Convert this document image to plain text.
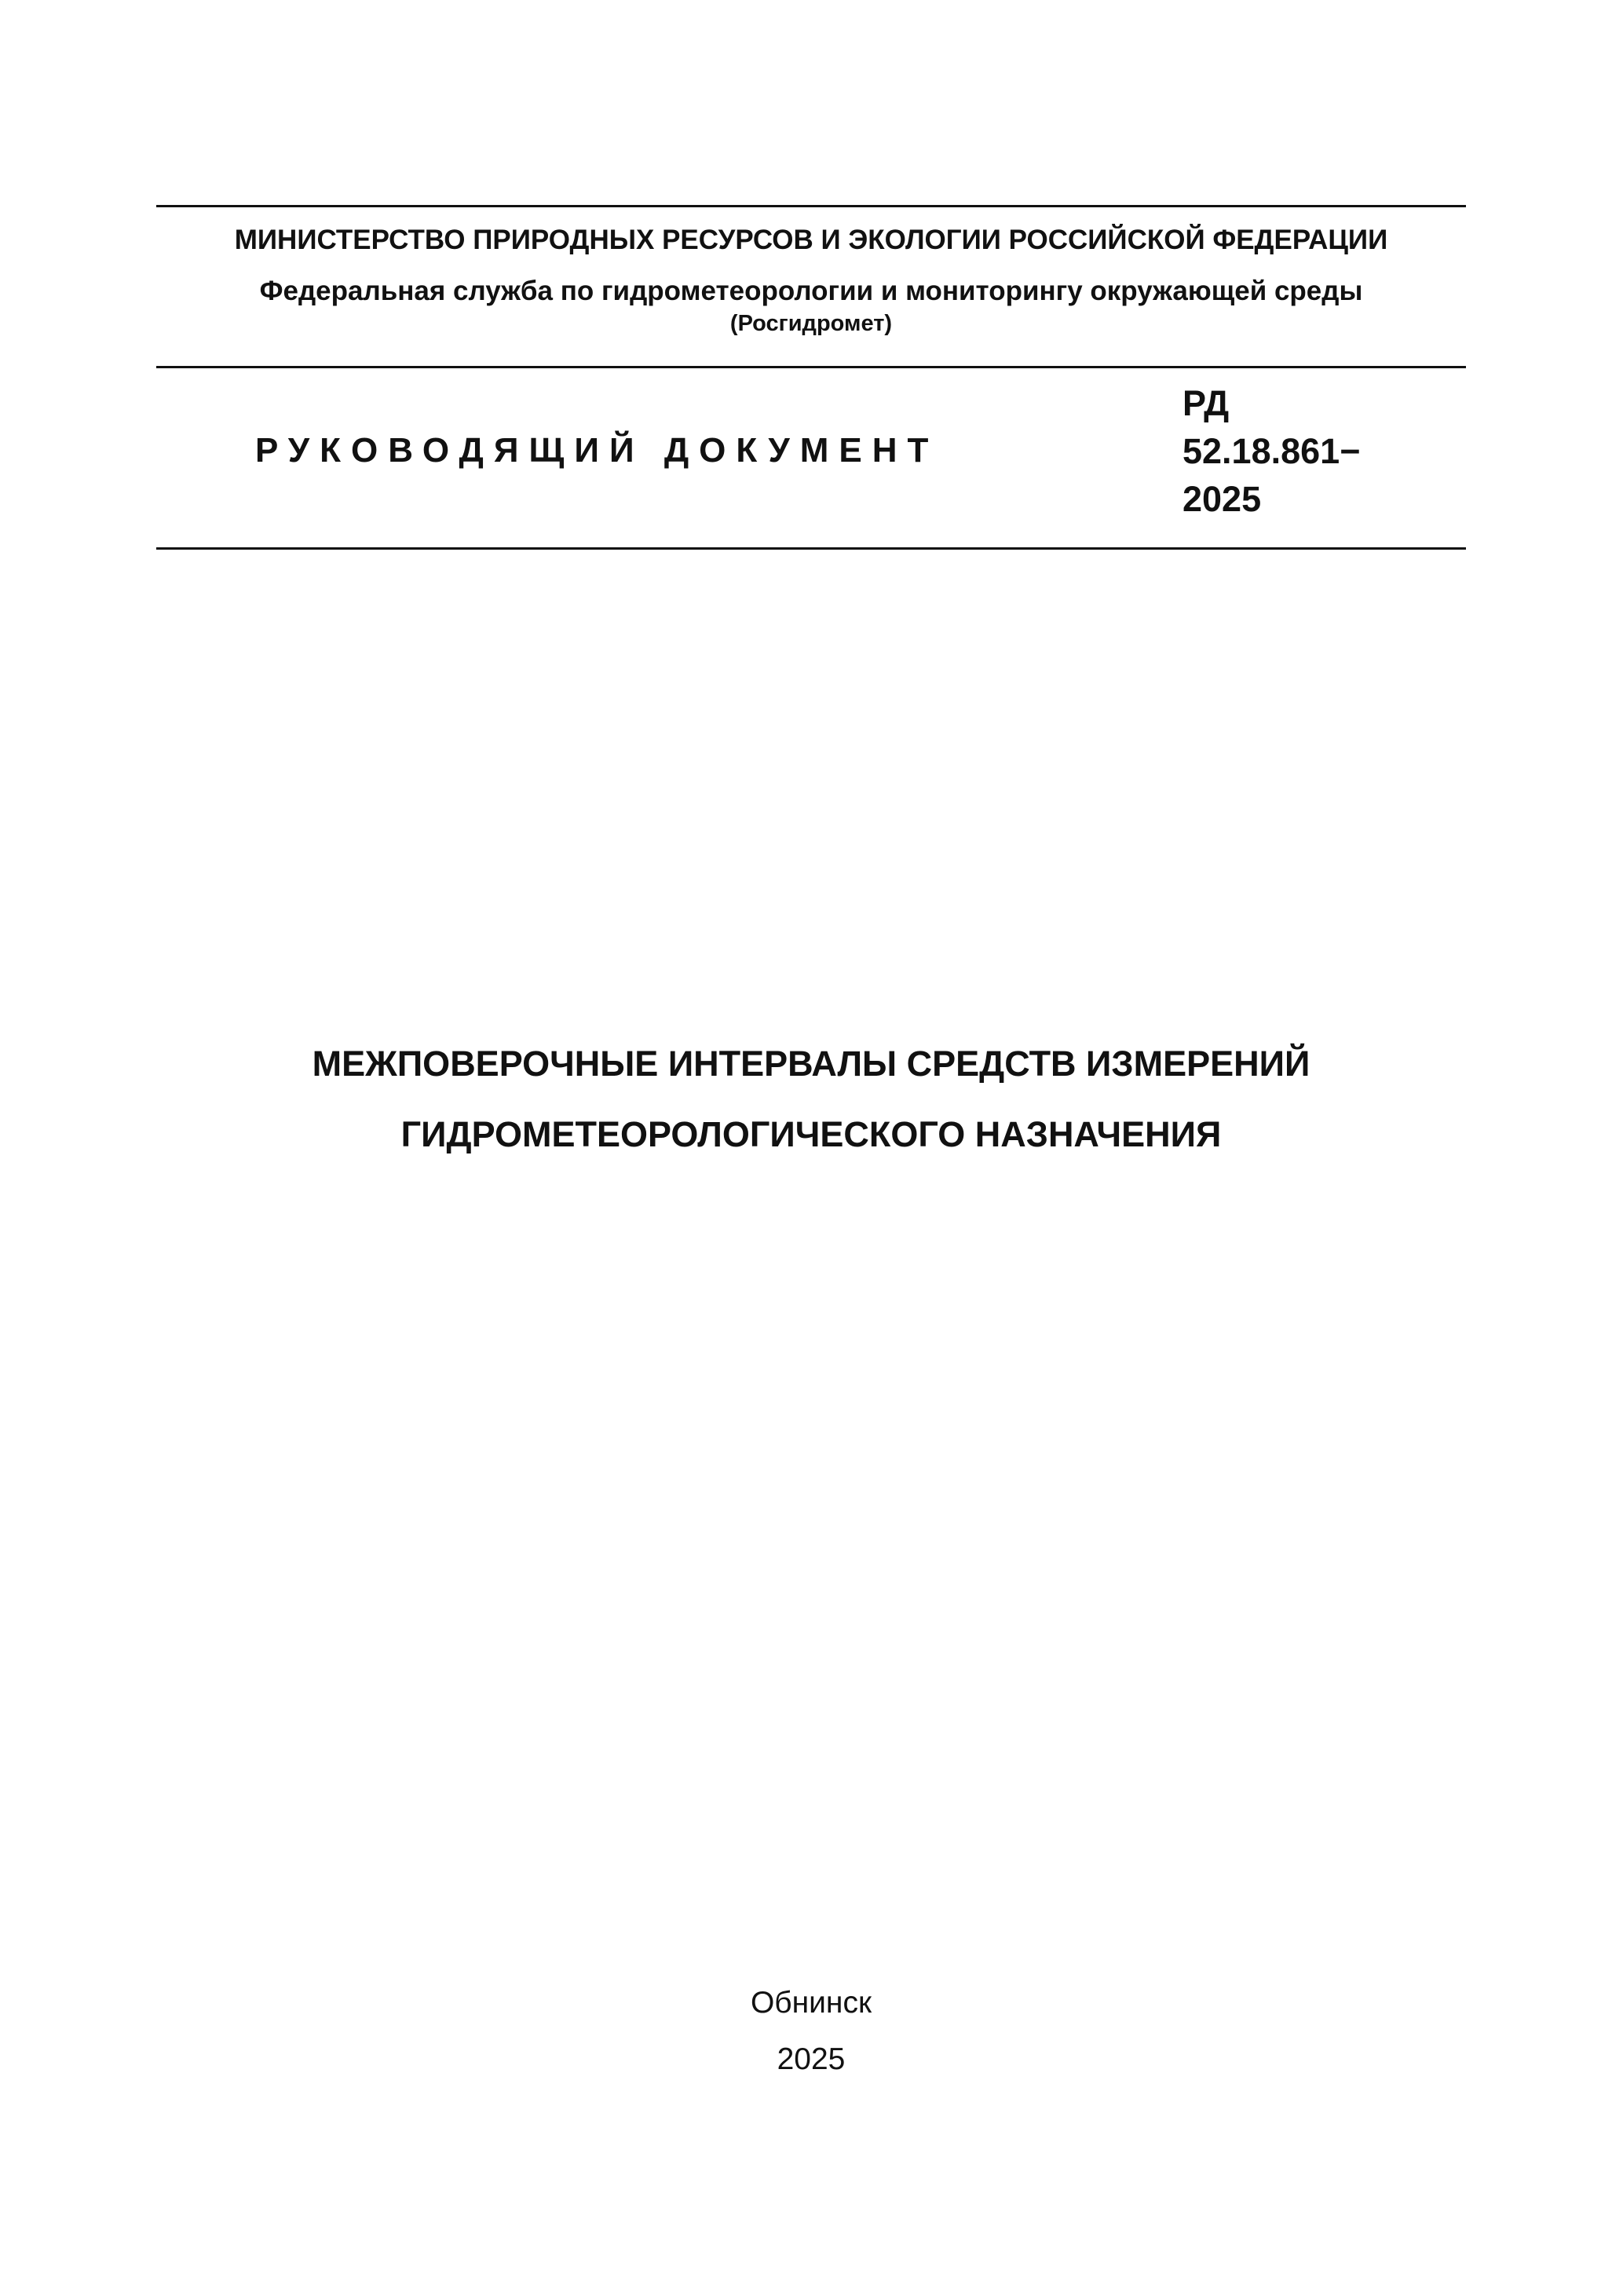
МИНИСТЕРСТВО ПРИРОДНЫХ РЕСУРСОВ И ЭКОЛОГИИ РОССИЙСКОЙ ФЕДЕРАЦИИ
Федеральная служба по гидрометеорологии и мониторингу окружающей среды
(Росгидромет)
РУКОВОДЯЩИЙ ДОКУМЕНТ
РД
52.18.861−
2025
МЕЖПОВЕРОЧНЫЕ ИНТЕРВАЛЫ СРЕДСТВ ИЗМЕРЕНИЙ
ГИДРОМЕТЕОРОЛОГИЧЕСКОГО НАЗНАЧЕНИЯ
Обнинск
2025
